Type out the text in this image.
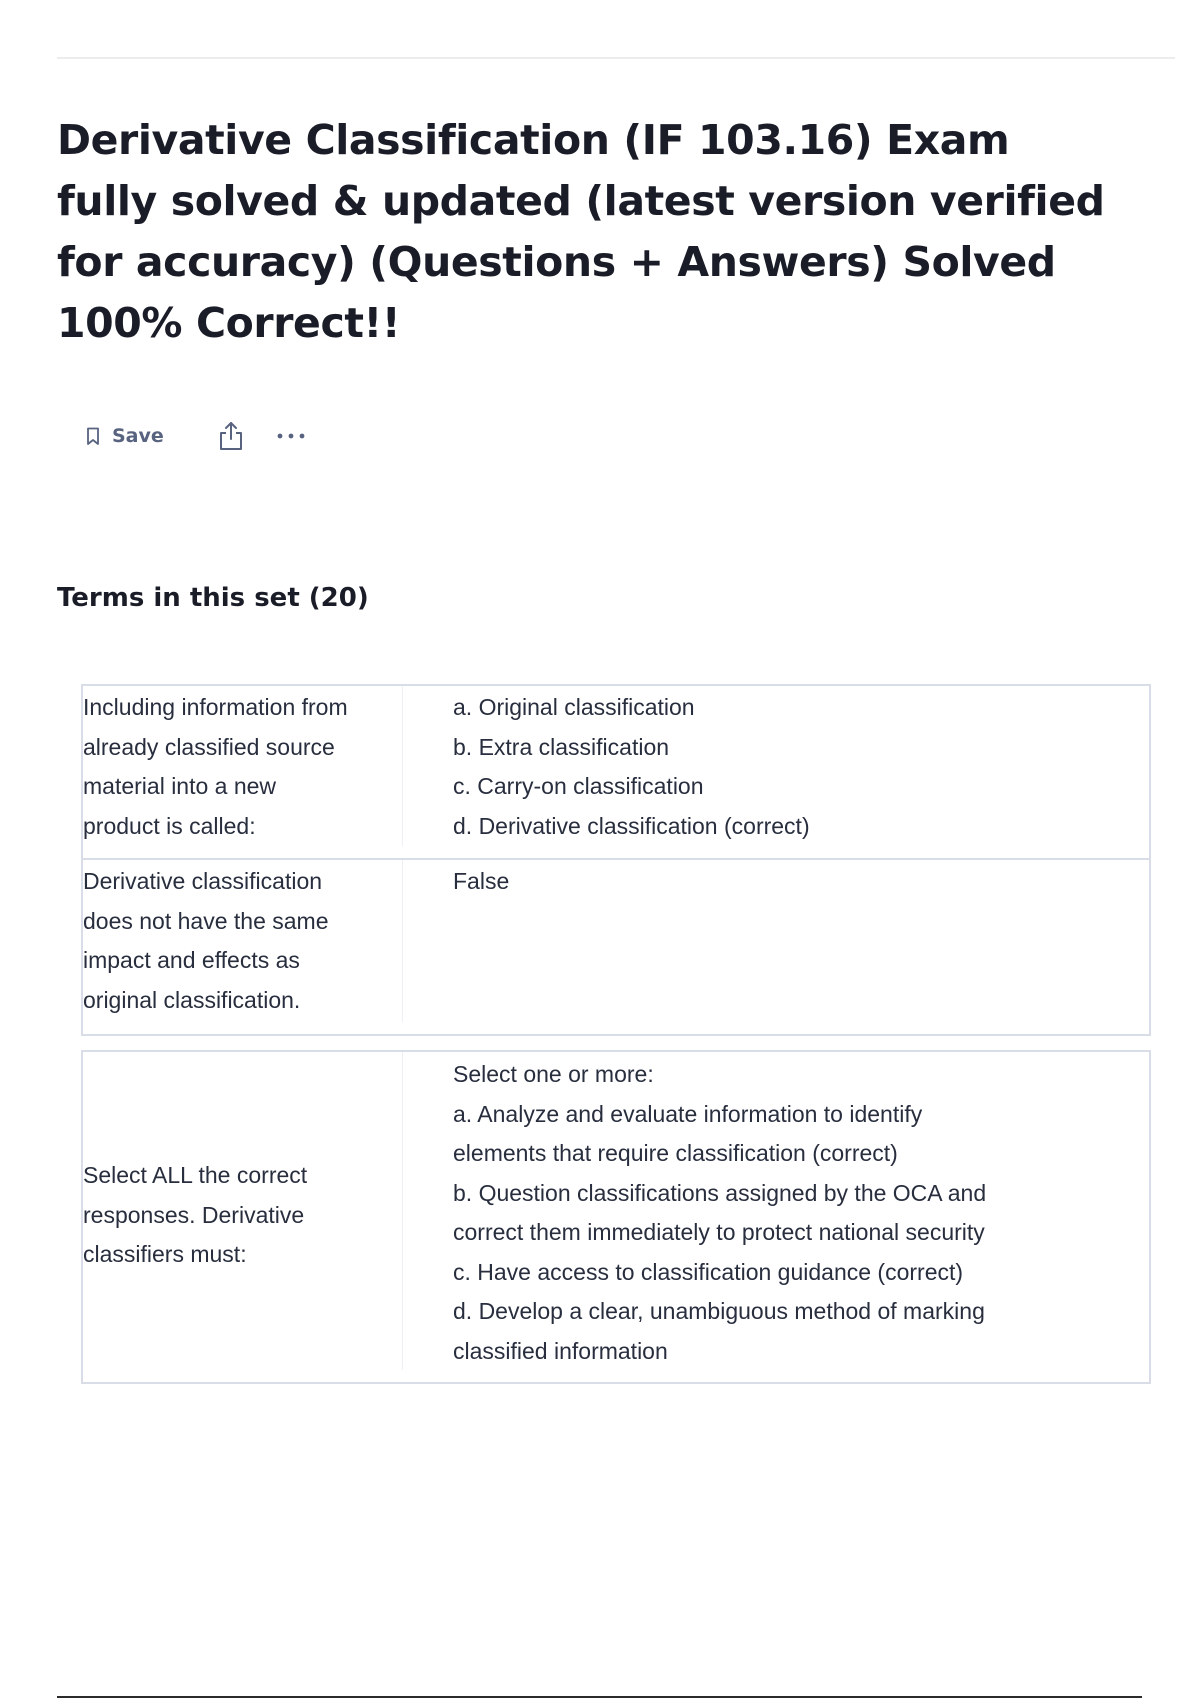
Derivative Classification (IF 103.16) Exam fully solved & updated (latest version verified for accuracy) (Questions + Answers) Solved 100% Correct!!
Save
Terms in this set (20)
Including information from
already classified source
material into a new
product is called:
a. Original classification
b. Extra classification
c. Carry-on classification
d. Derivative classification (correct)
Derivative classification
does not have the same
impact and effects as
original classification.
False
Select ALL the correct
responses. Derivative
classifiers must:
Select one or more:
a. Analyze and evaluate information to identify
elements that require classification (correct)
b. Question classifications assigned by the OCA and
correct them immediately to protect national security
c. Have access to classification guidance (correct)
d. Develop a clear, unambiguous method of marking
classified information
